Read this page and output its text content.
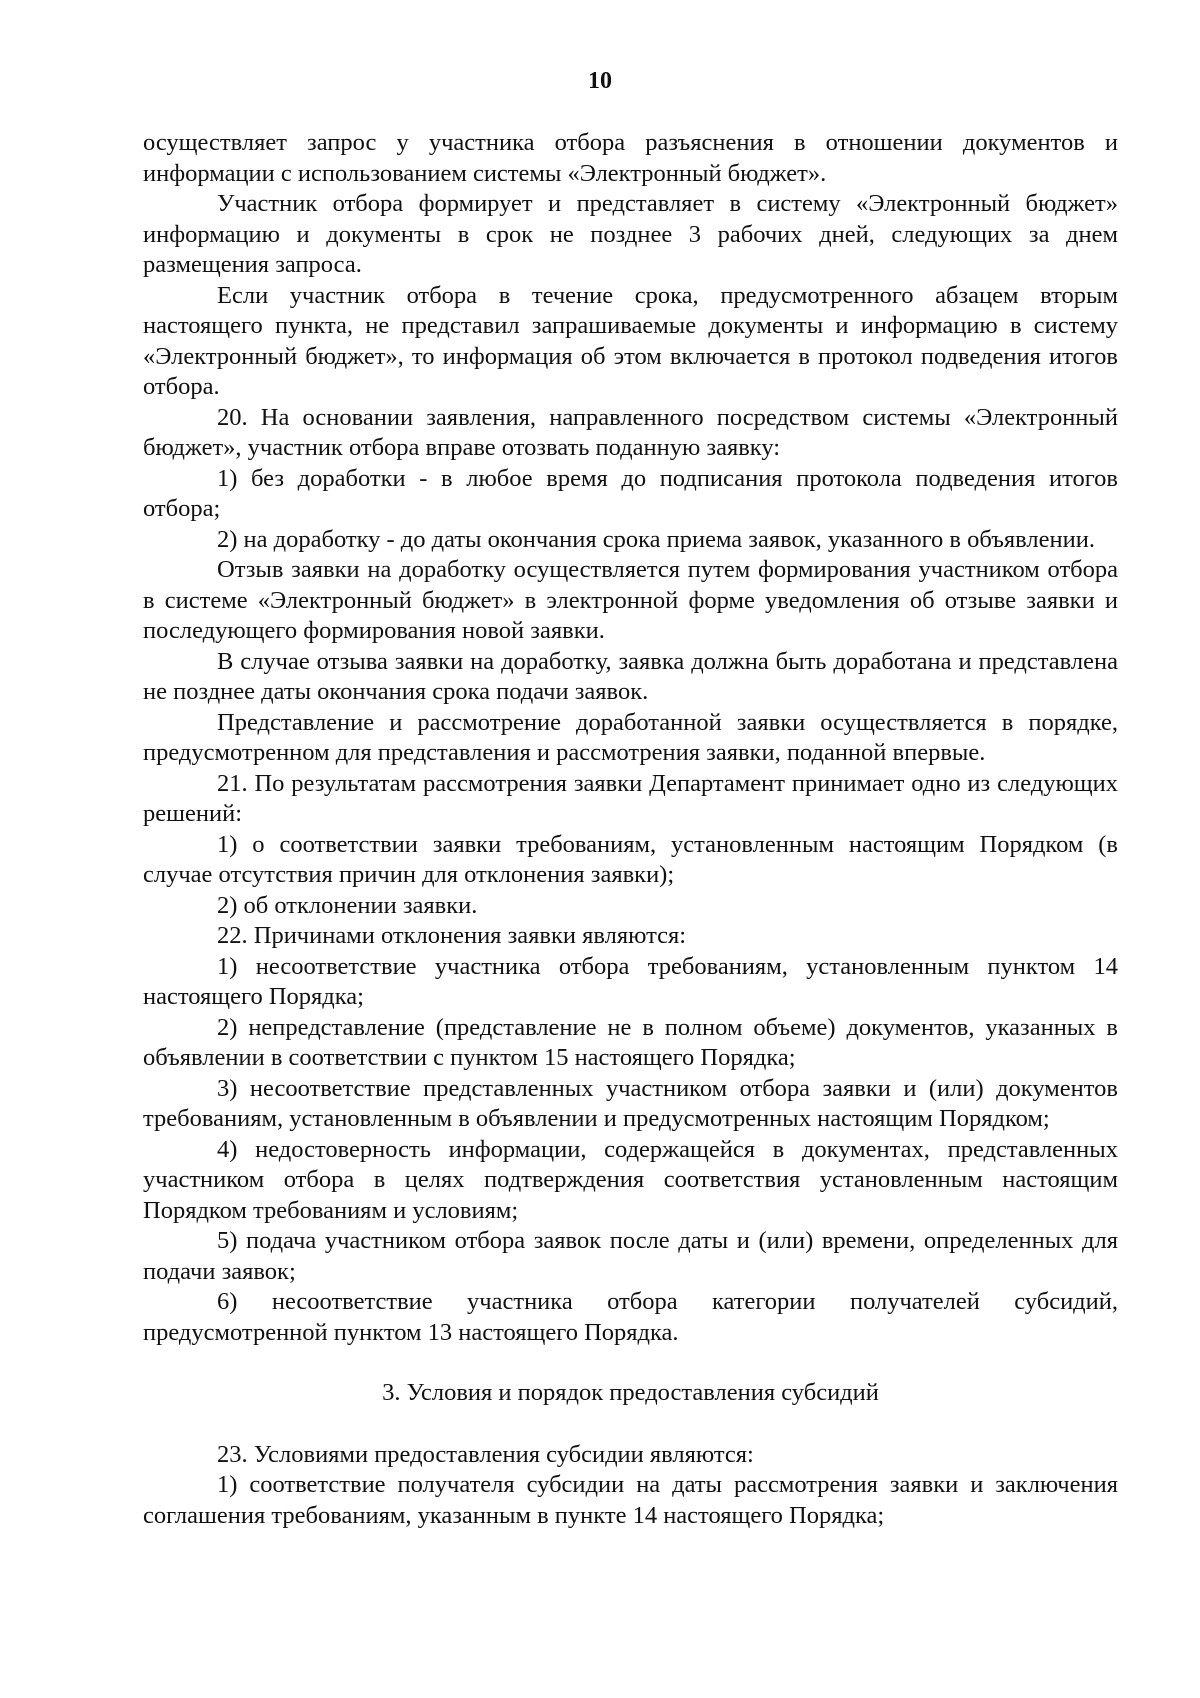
10

осуществляет запрос у участника отбора разъяснения в отношении документов и информации с использованием системы «Электронный бюджет».

Участник отбора формирует и представляет в систему «Электронный бюджет» информацию и документы в срок не позднее 3 рабочих дней, следующих за днем размещения запроса.

Если участник отбора в течение срока, предусмотренного абзацем вторым настоящего пункта, не представил запрашиваемые документы и информацию в систему «Электронный бюджет», то информация об этом включается в протокол подведения итогов отбора.

20. На основании заявления, направленного посредством системы «Электронный бюджет», участник отбора вправе отозвать поданную заявку:

1) без доработки - в любое время до подписания протокола подведения итогов отбора;

2) на доработку - до даты окончания срока приема заявок, указанного в объявлении.

Отзыв заявки на доработку осуществляется путем формирования участником отбора в системе «Электронный бюджет» в электронной форме уведомления об отзыве заявки и последующего формирования новой заявки.

В случае отзыва заявки на доработку, заявка должна быть доработана и представлена не позднее даты окончания срока подачи заявок.

Представление и рассмотрение доработанной заявки осуществляется в порядке, предусмотренном для представления и рассмотрения заявки, поданной впервые.

21. По результатам рассмотрения заявки Департамент принимает одно из следующих решений:

1) о соответствии заявки требованиям, установленным настоящим Порядком (в случае отсутствия причин для отклонения заявки);

2) об отклонении заявки.

22. Причинами отклонения заявки являются:

1) несоответствие участника отбора требованиям, установленным пунктом 14 настоящего Порядка;

2) непредставление (представление не в полном объеме) документов, указанных в объявлении в соответствии с пунктом 15 настоящего Порядка;

3) несоответствие представленных участником отбора заявки и (или) документов требованиям, установленным в объявлении и предусмотренных настоящим Порядком;

4) недостоверность информации, содержащейся в документах, представленных участником отбора в целях подтверждения соответствия установленным настоящим Порядком требованиям и условиям;

5) подача участником отбора заявок после даты и (или) времени, определенных для подачи заявок;

6) несоответствие участника отбора категории получателей субсидий, предусмотренной пунктом 13 настоящего Порядка.

3. Условия и порядок предоставления субсидий

23. Условиями предоставления субсидии являются:

1) соответствие получателя субсидии на даты рассмотрения заявки и заключения соглашения требованиям, указанным в пункте 14 настоящего Порядка;
